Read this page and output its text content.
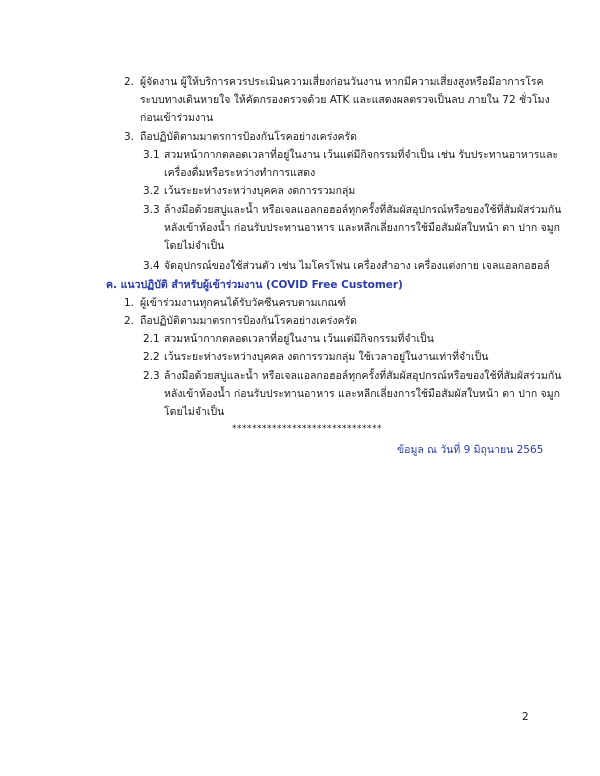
2. ผู้จัดงาน ผู้ให้บริการควรประเมินความเสี่ยงก่อนวันงาน หากมีความเสี่ยงสูงหรือมีอาการโรค
ระบบทางเดินหายใจ ให้คัดกรองตรวจด้วย ATK และแสดงผลตรวจเป็นลบ ภายใน 72 ชั่วโมง
ก่อนเข้าร่วมงาน
3. ถือปฏิบัติตามมาตรการป้องกันโรคอย่างเคร่งครัด
3.1 สวมหน้ากากตลอดเวลาที่อยู่ในงาน เว้นแต่มีกิจกรรมที่จำเป็น เช่น รับประทานอาหารและ
เครื่องดื่มหรือระหว่างทำการแสดง
3.2 เว้นระยะห่างระหว่างบุคคล งดการรวมกลุ่ม
3.3 ล้างมือด้วยสบู่และน้ำ หรือเจลแอลกอฮอล์ทุกครั้งที่สัมผัสอุปกรณ์หรือของใช้ที่สัมผัสร่วมกัน
หลังเข้าห้องน้ำ ก่อนรับประทานอาหาร และหลีกเลี่ยงการใช้มือสัมผัสใบหน้า ตา ปาก จมูก
โดยไม่จำเป็น
3.4 จัดอุปกรณ์ของใช้ส่วนตัว เช่น ไมโครโฟน เครื่องสำอาง เครื่องแต่งกาย เจลแอลกอฮอล์
ค. แนวปฏิบัติ สำหรับผู้เข้าร่วมงาน (COVID Free Customer)
1. ผู้เข้าร่วมงานทุกคนได้รับวัคซีนครบตามเกณฑ์
2. ถือปฏิบัติตามมาตรการป้องกันโรคอย่างเคร่งครัด
2.1 สวมหน้ากากตลอดเวลาที่อยู่ในงาน เว้นแต่มีกิจกรรมที่จำเป็น
2.2 เว้นระยะห่างระหว่างบุคคล งดการรวมกลุ่ม ใช้เวลาอยู่ในงานเท่าที่จำเป็น
2.3 ล้างมือด้วยสบู่และน้ำ หรือเจลแอลกอฮอล์ทุกครั้งที่สัมผัสอุปกรณ์หรือของใช้ที่สัมผัสร่วมกัน
หลังเข้าห้องน้ำ ก่อนรับประทานอาหาร และหลีกเลี่ยงการใช้มือสัมผัสใบหน้า ตา ปาก จมูก
โดยไม่จำเป็น
******************************
ข้อมูล ณ วันที่ 9 มิถุนายน 2565
2
